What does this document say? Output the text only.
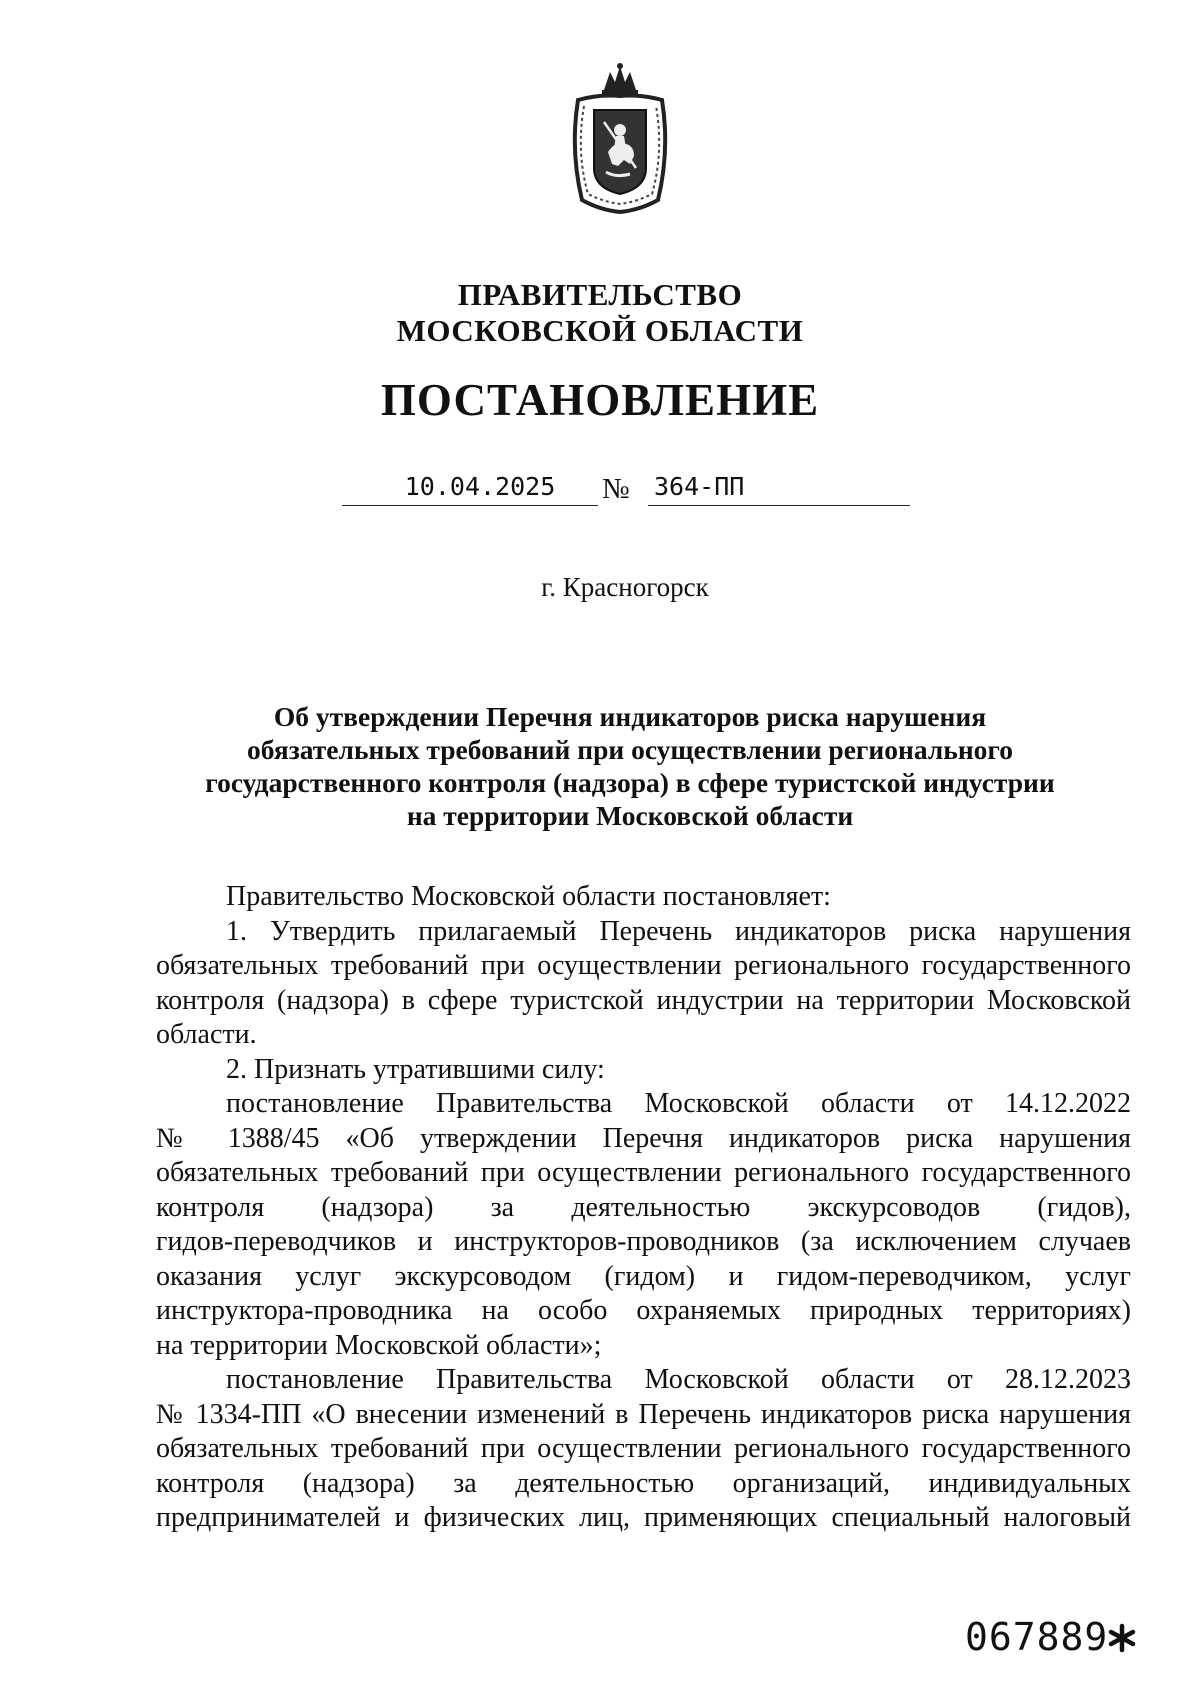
ПРАВИТЕЛЬСТВО
МОСКОВСКОЙ ОБЛАСТИ
ПОСТАНОВЛЕНИЕ
10.04.2025	№ 364-ПП
г. Красногорск
Об утверждении Перечня индикаторов риска нарушения
обязательных требований при осуществлении регионального
государственного контроля (надзора) в сфере туристской индустрии
на территории Московской области
Правительство Московской области постановляет:
1. Утвердить прилагаемый Перечень индикаторов риска нарушения
обязательных требований при осуществлении регионального государственного
контроля (надзора) в сфере туристской индустрии на территории Московской
области.
2. Признать утратившими силу:
постановление Правительства Московской области от 14.12.2022
№ 1388/45 «Об утверждении Перечня индикаторов риска нарушения
обязательных требований при осуществлении регионального государственного
контроля (надзора) за деятельностью экскурсоводов (гидов),
гидов-переводчиков и инструкторов-проводников (за исключением случаев
оказания услуг экскурсоводом (гидом) и гидом-переводчиком, услуг
инструктора-проводника на особо охраняемых природных территориях)
на территории Московской области»;
постановление Правительства Московской области от 28.12.2023
№ 1334-ПП «О внесении изменений в Перечень индикаторов риска нарушения
обязательных требований при осуществлении регионального государственного
контроля (надзора) за деятельностью организаций, индивидуальных
предпринимателей и физических лиц, применяющих специальный налоговый
067889
